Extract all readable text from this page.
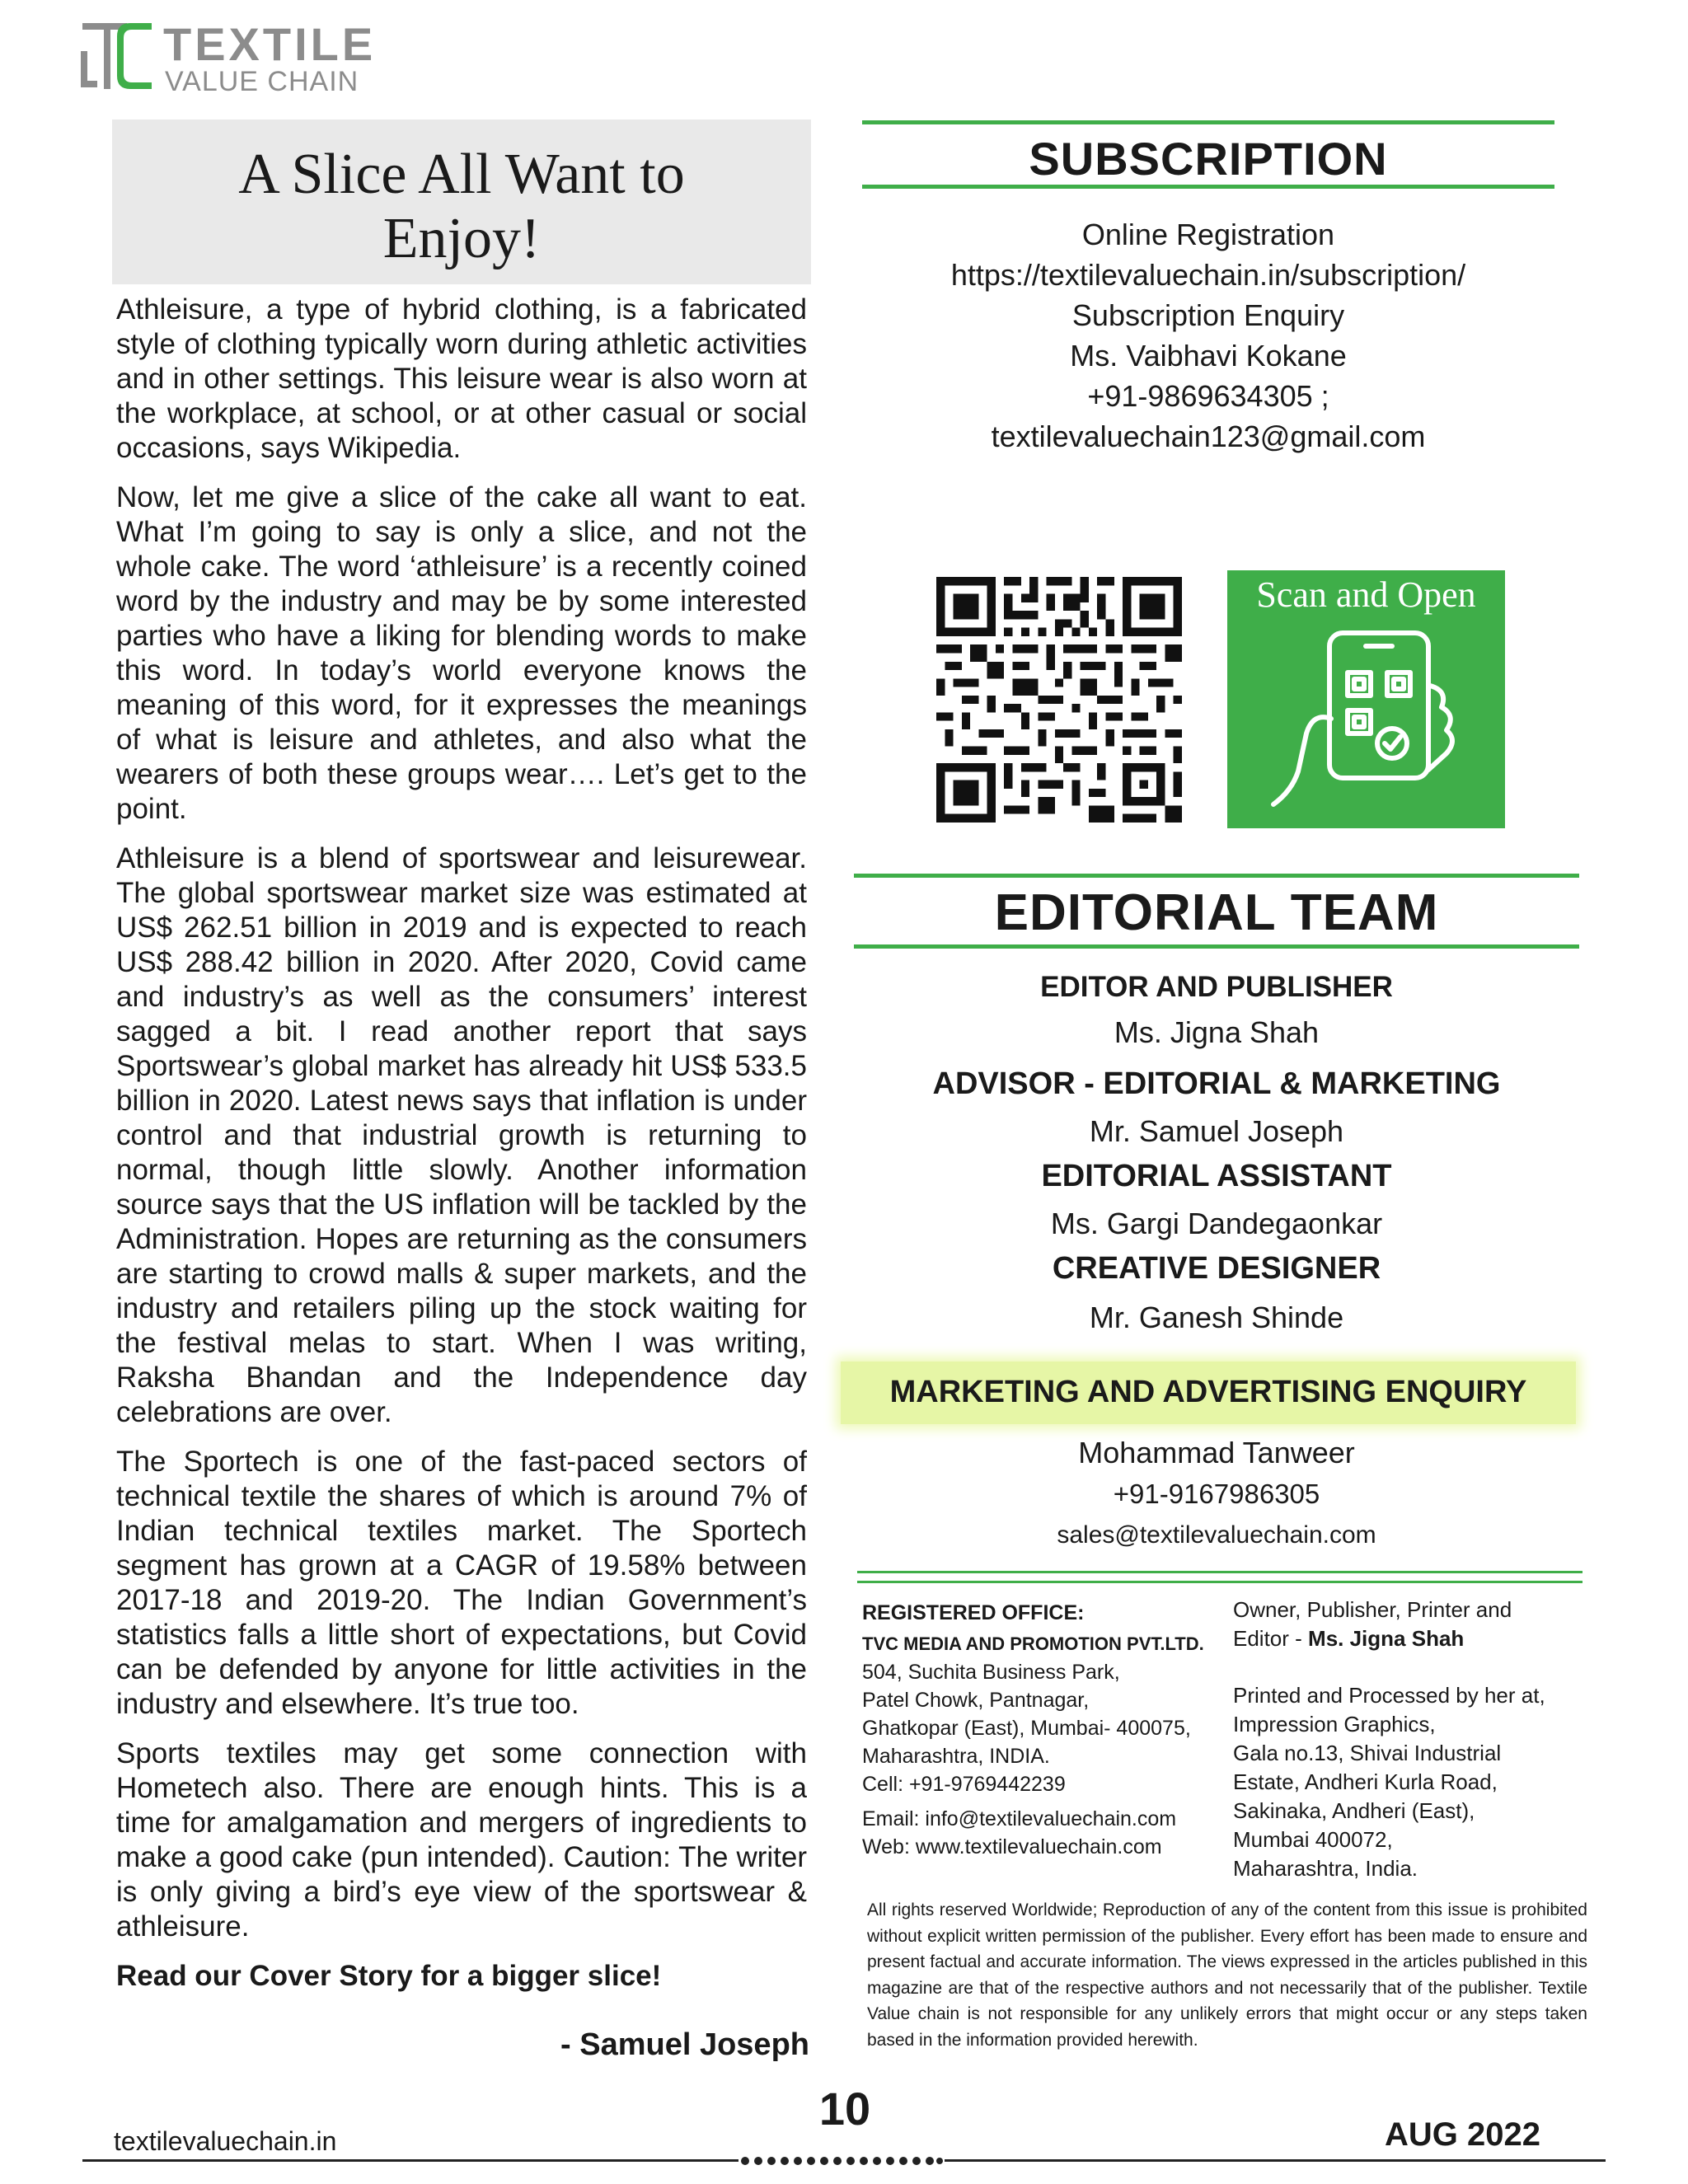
TEXTILE
VALUE CHAIN
A Slice All Want to
Enjoy!

Athleisure, a type of hybrid clothing, is a fabricated style of clothing typically worn during athletic activities and in other settings. This leisure wear is also worn at the workplace, at school, or at other casual or social occasions, says Wikipedia.

Now, let me give a slice of the cake all want to eat. What I’m going to say is only a slice, and not the whole cake. The word ‘athleisure’ is a recently coined word by the industry and may be by some interested parties who have a liking for blending words to make this word. In today’s world everyone knows the meaning of this word, for it expresses the meanings of what is leisure and athletes, and also what the wearers of both these groups wear…. Let’s get to the point.

Athleisure is a blend of sportswear and leisurewear. The global sportswear market size was estimated at US$ 262.51 billion in 2019 and is expected to reach US$ 288.42 billion in 2020. After 2020, Covid came and industry’s as well as the consumers’ interest sagged a bit. I read another report that says Sportswear’s global market has already hit US$ 533.5 billion in 2020. Latest news says that inflation is under control and that industrial growth is returning to normal, though little slowly. Another information source says that the US inflation will be tackled by the Administration. Hopes are returning as the consumers are starting to crowd malls & super markets, and the industry and retailers piling up the stock waiting for the festival melas to start. When I was writing, Raksha Bhandan and the Independence day celebrations are over.

The Sportech is one of the fast-paced sectors of technical textile the shares of which is around 7% of Indian technical textiles market. The Sportech segment has grown at a CAGR of 19.58% between 2017-18 and 2019-20. The Indian Government’s statistics falls a little short of expectations, but Covid can be defended by anyone for little activities in the industry and elsewhere. It’s true too.

Sports textiles may get some connection with Hometech also. There are enough hints. This is a time for amalgamation and mergers of ingredients to make a good cake (pun intended). Caution: The writer is only giving a bird’s eye view of the sportswear & athleisure.

Read our Cover Story for a bigger slice!

- Samuel Joseph
SUBSCRIPTION
Online Registration
https://textilevaluechain.in/subscription/
Subscription Enquiry
Ms. Vaibhavi Kokane
+91-9869634305 ;
textilevaluechain123@gmail.com
Scan and Open
EDITORIAL TEAM
EDITOR AND PUBLISHER
Ms. Jigna Shah
ADVISOR - EDITORIAL & MARKETING
Mr. Samuel Joseph
EDITORIAL ASSISTANT
Ms. Gargi Dandegaonkar
CREATIVE DESIGNER
Mr. Ganesh Shinde
MARKETING AND ADVERTISING ENQUIRY
Mohammad Tanweer
+91-9167986305
sales@textilevaluechain.com
REGISTERED OFFICE:
TVC MEDIA AND PROMOTION PVT.LTD.
504, Suchita Business Park,
Patel Chowk, Pantnagar,
Ghatkopar (East), Mumbai- 400075,
Maharashtra, INDIA.
Cell: +91-9769442239
Email: info@textilevaluechain.com
Web: www.textilevaluechain.com
Owner, Publisher, Printer and
Editor - Ms. Jigna Shah
Printed and Processed by her at,
Impression Graphics,
Gala no.13, Shivai Industrial
Estate, Andheri Kurla Road,
Sakinaka, Andheri (East),
Mumbai 400072,
Maharashtra, India.
All rights reserved Worldwide; Reproduction of any of the content from this issue is prohibited without explicit written permission of the publisher. Every effort has been made to ensure and present factual and accurate information. The views expressed in the articles published in this magazine are that of the respective authors and not necessarily that of the publisher. Textile Value chain is not responsible for any unlikely errors that might occur or any steps taken based in the information provided herewith.
10
textilevaluechain.in	AUG 2022
